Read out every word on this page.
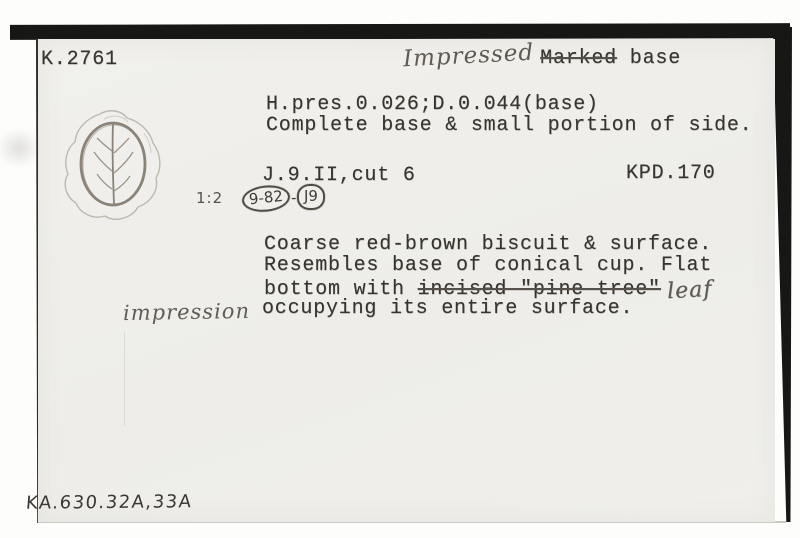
K.2761	Impressed Marked
base
H.pres.0.026;D.0.044(base)
Complete base & small portion of side.
J.9.II,cut 6	KPD.170
1:2	9-82 - J9
Coarse red-brown biscuit & surface.
Resembles base of conical cup. Flat
bottom with incised "pine tree" leaf
occupying its entire surface.
impression
KA.630.32A,33A
